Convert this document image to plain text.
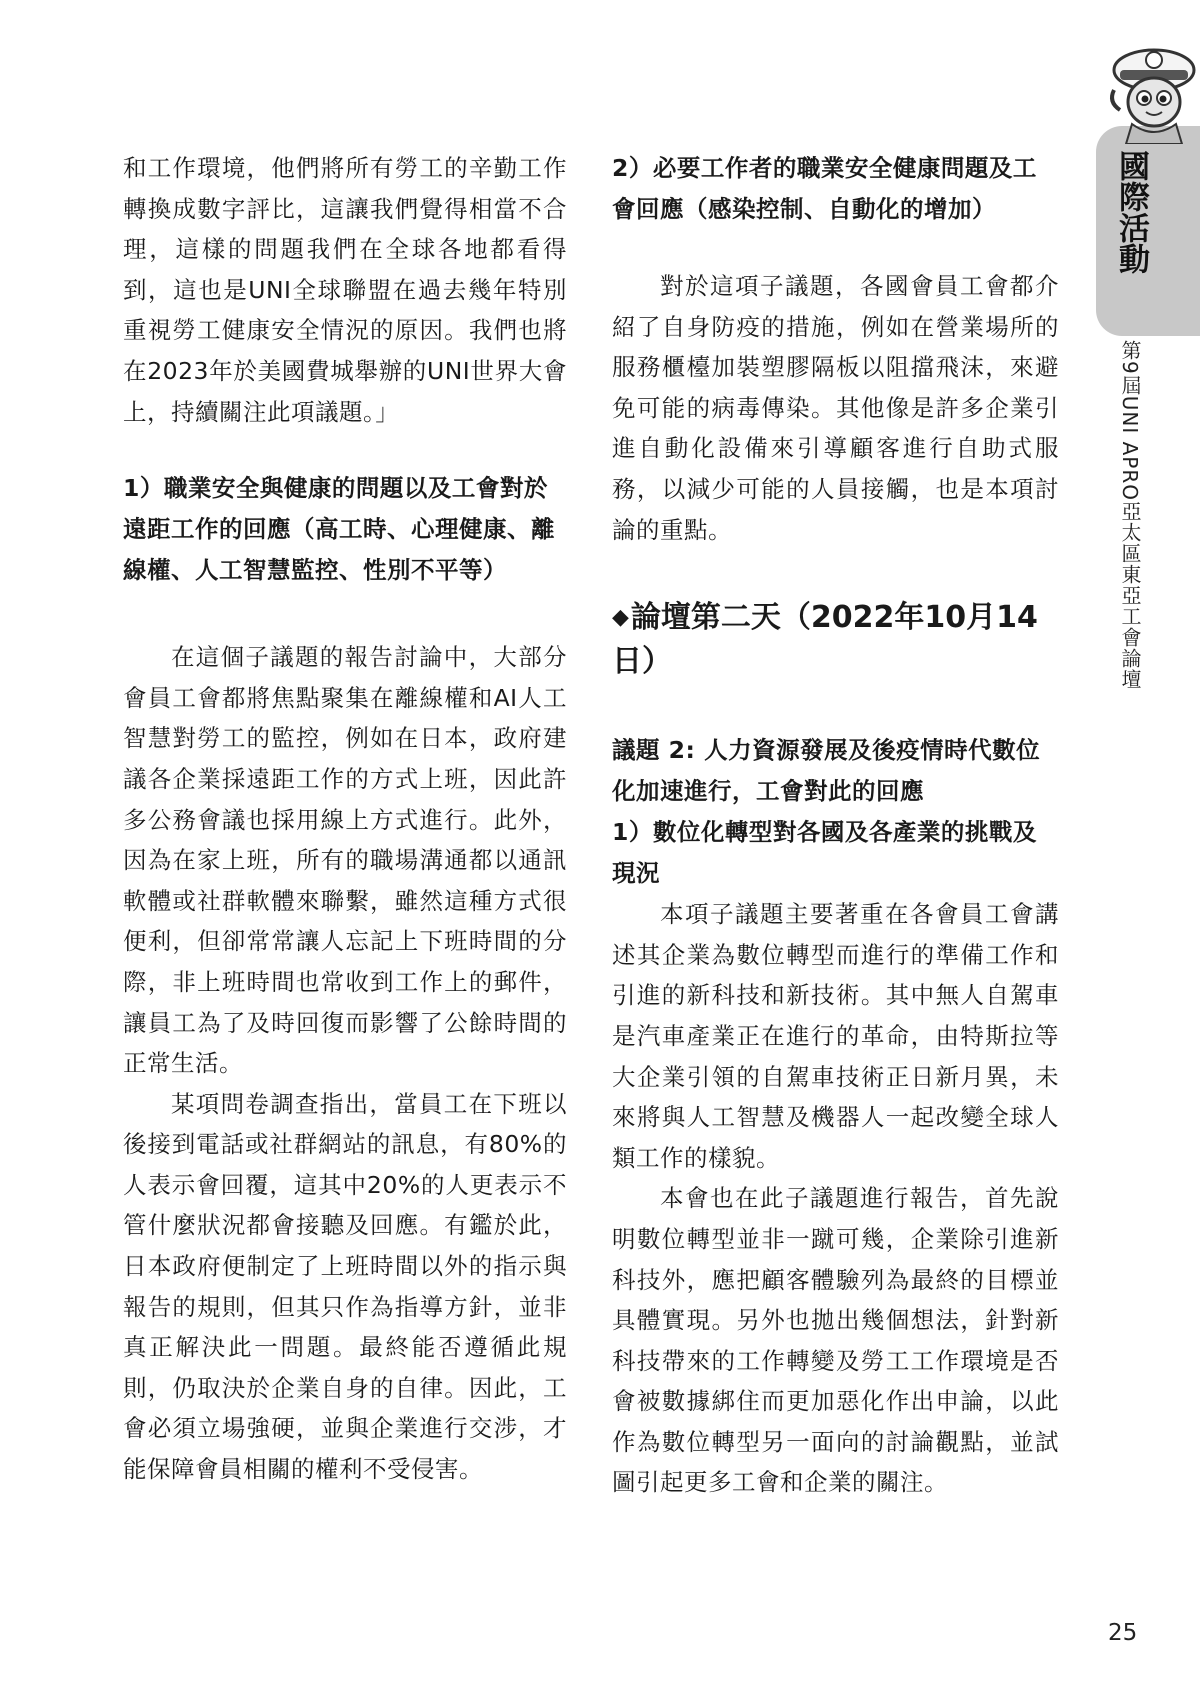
國際活動
第9屆UNI APRO亞太區東亞工會論壇

和工作環境，他們將所有勞工的辛勤工作轉換成數字評比，這讓我們覺得相當不合理，這樣的問題我們在全球各地都看得到，這也是UNI全球聯盟在過去幾年特別重視勞工健康安全情況的原因。我們也將在2023年於美國費城舉辦的UNI世界大會上，持續關注此項議題。」

1）職業安全與健康的問題以及工會對於遠距工作的回應（高工時、心理健康、離線權、人工智慧監控、性別不平等）

在這個子議題的報告討論中，大部分會員工會都將焦點聚集在離線權和AI人工智慧對勞工的監控，例如在日本，政府建議各企業採遠距工作的方式上班，因此許多公務會議也採用線上方式進行。此外，因為在家上班，所有的職場溝通都以通訊軟體或社群軟體來聯繫，雖然這種方式很便利，但卻常常讓人忘記上下班時間的分際，非上班時間也常收到工作上的郵件，讓員工為了及時回復而影響了公餘時間的正常生活。

某項問卷調查指出，當員工在下班以後接到電話或社群網站的訊息，有80%的人表示會回覆，這其中20%的人更表示不管什麼狀況都會接聽及回應。有鑑於此，日本政府便制定了上班時間以外的指示與報告的規則，但其只作為指導方針，並非真正解決此一問題。最終能否遵循此規則，仍取決於企業自身的自律。因此，工會必須立場強硬，並與企業進行交涉，才能保障會員相關的權利不受侵害。

2）必要工作者的職業安全健康問題及工會回應（感染控制、自動化的增加）

對於這項子議題，各國會員工會都介紹了自身防疫的措施，例如在營業場所的服務櫃檯加裝塑膠隔板以阻擋飛沫，來避免可能的病毒傳染。其他像是許多企業引進自動化設備來引導顧客進行自助式服務，以減少可能的人員接觸，也是本項討論的重點。

◆論壇第二天（2022年10月14日）

議題 2: 人力資源發展及後疫情時代數位化加速進行，工會對此的回應

1）數位化轉型對各國及各產業的挑戰及現況

本項子議題主要著重在各會員工會講述其企業為數位轉型而進行的準備工作和引進的新科技和新技術。其中無人自駕車是汽車產業正在進行的革命，由特斯拉等大企業引領的自駕車技術正日新月異，未來將與人工智慧及機器人一起改變全球人類工作的樣貌。

本會也在此子議題進行報告，首先說明數位轉型並非一蹴可幾，企業除引進新科技外，應把顧客體驗列為最終的目標並具體實現。另外也拋出幾個想法，針對新科技帶來的工作轉變及勞工工作環境是否會被數據綁住而更加惡化作出申論，以此作為數位轉型另一面向的討論觀點，並試圖引起更多工會和企業的關注。

25
